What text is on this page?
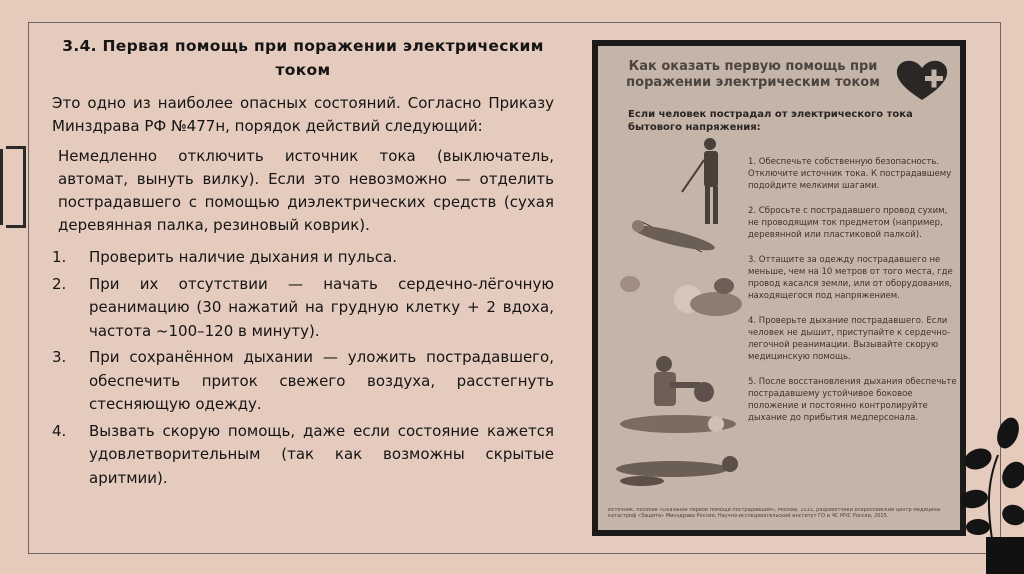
3.4. Первая помощь при поражении электрическим током
Это одно из наиболее опасных состояний. Согласно Приказу Минздрава РФ №477н, порядок действий следующий:
Немедленно отключить источник тока (выключатель, автомат, вынуть вилку). Если это невозможно — отделить пострадавшего с помощью диэлектрических средств (сухая деревянная палка, резиновый коврик).
1.	Проверить наличие дыхания и пульса.
2.	При их отсутствии — начать сердечно-лёгочную реанимацию (30 нажатий на грудную клетку + 2 вдоха, частота ~100–120 в минуту).
3.	При сохранённом дыхании — уложить пострадавшего, обеспечить приток свежего воздуха, расстегнуть стесняющую одежду.
4.	Вызвать скорую помощь, даже если состояние кажется удовлетворительным (так как возможны скрытые аритмии).
Как оказать первую помощь при поражении электрическим током
Если человек пострадал от электрического тока бытового напряжения:
1. Обеспечьте собственную безопасность. Отключите источник тока. К пострадавшему подойдите мелкими шагами.
2. Сбросьте с пострадавшего провод сухим, не проводящим ток предметом (например, деревянной или пластиковой палкой).
3. Оттащите за одежду пострадавшего не меньше, чем на 10 метров от того места, где провод касался земли, или от оборудования, находящегося под напряжением.
4. Проверьте дыхание пострадавшего. Если человек не дышит, приступайте к сердечно-легочной реанимации. Вызывайте скорую медицинскую помощь.
5. После восстановления дыхания обеспечьте пострадавшему устойчивое боковое положение и постоянно контролируйте дыхание до прибытия медперсонала.
Источник: пособие «Оказание первой помощи пострадавшим», Москва, 2015, разработчики Всероссийский центр медицины катастроф «Защита» Минздрава России; Научно-исследовательский институт ГО и ЧС МЧС России, 2015.
